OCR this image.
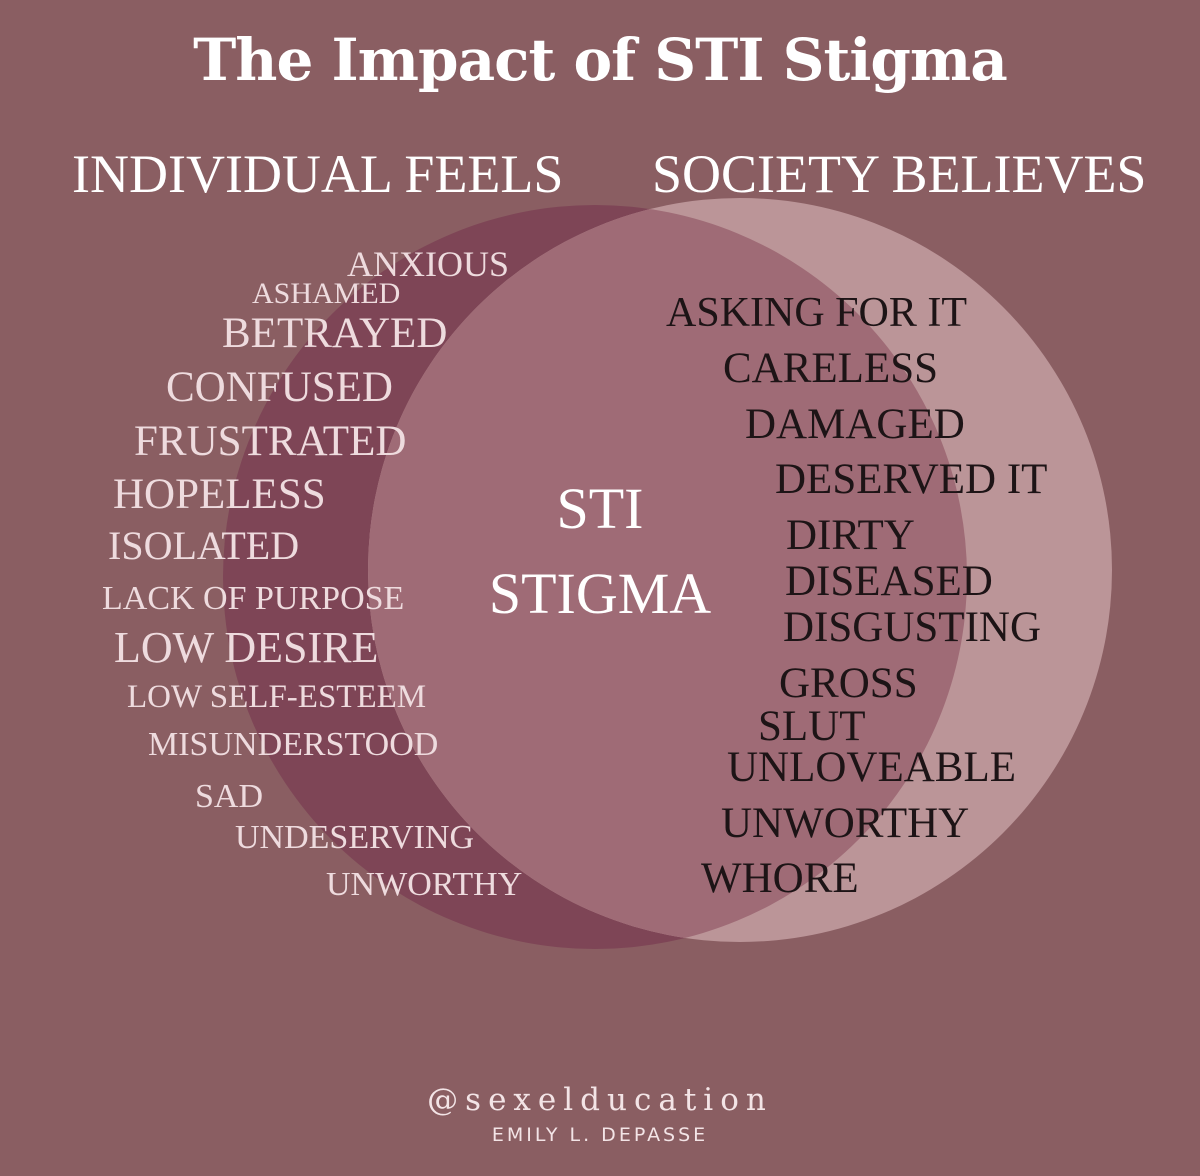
The Impact of STI Stigma
INDIVIDUAL FEELS SOCIETY BELIEVES
ANXIOUS
ASHAMED
BETRAYED
CONFUSED
FRUSTRATED
HOPELESS
ISOLATED
LACK OF PURPOSE
LOW DESIRE
LOW SELF-ESTEEM
MISUNDERSTOOD
SAD
UNDESERVING
UNWORTHY
STI
STIGMA
ASKING FOR IT
CARELESS
DAMAGED
DESERVED IT
DIRTY
DISEASED
DISGUSTING
GROSS
SLUT
UNLOVEABLE
UNWORTHY
WHORE
@sexelducation
EMILY L. DEPASSE
